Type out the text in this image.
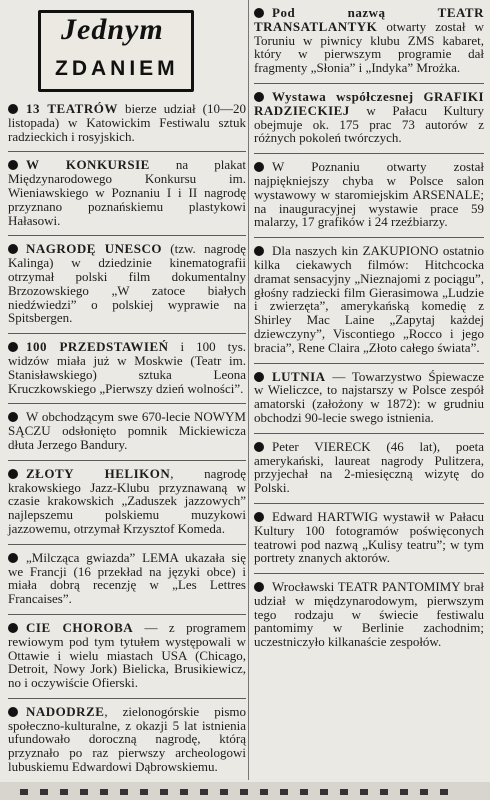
Jednym
ZDANIEM

13 TEATRÓW bierze udział (10—20 listopada) w Katowickim Festiwalu sztuk radzieckich i rosyjskich.

W KONKURSIE na plakat Międzynarodowego Konkursu im. Wieniawskiego w Poznaniu I i II nagrodę przyznano poznańskiemu plastykowi Hałasowi.

NAGRODĘ UNESCO (tzw. nagrodę Kalinga) w dziedzinie kinematografii otrzymał polski film dokumentalny Brzozowskiego „W zatoce białych niedźwiedzi” o polskiej wyprawie na Spitsbergen.

100 PRZEDSTAWIEŃ i 100 tys. widzów miała już w Moskwie (Teatr im. Stanisławskiego) sztuka Leona Kruczkowskiego „Pierwszy dzień wolności”.

W obchodzącym swe 670-lecie NOWYM SĄCZU odsłonięto pomnik Mickiewicza dłuta Jerzego Bandury.

ZŁOTY HELIKON, nagrodę krakowskiego Jazz-Klubu przyznawaną w czasie krakowskich „Zaduszek jazzowych” najlepszemu polskiemu muzykowi jazzowemu, otrzymał Krzysztof Komeda.

„Milcząca gwiazda” LEMA ukazała się we Francji (16 przekład na języki obce) i miała dobrą recenzję w „Les Lettres Francaises”.

CIE CHOROBA — z programem rewiowym pod tym tytułem występowali w Ottawie i wielu miastach USA (Chicago, Detroit, Nowy Jork) Bielicka, Brusikiewicz, no i oczywiście Ofierski.

NADODRZE, zielonogórskie pismo społeczno-kulturalne, z okazji 5 lat istnienia ufundowało doroczną nagrodę, którą przyznało po raz pierwszy archeologowi lubuskiemu Edwardowi Dąbrowskiemu.

Pod nazwą TEATR TRANSATLANTYK otwarty został w Toruniu w piwnicy klubu ZMS kabaret, który w pierwszym programie dał fragmenty „Słonia” i „Indyka” Mrożka.

Wystawa współczesnej GRAFIKI RADZIECKIEJ w Pałacu Kultury obejmuje ok. 175 prac 73 autorów z różnych pokoleń twórczych.

W Poznaniu otwarty został najpiękniejszy chyba w Polsce salon wystawowy w staromiejskim ARSENALE; na inauguracyjnej wystawie prace 59 malarzy, 17 grafików i 24 rzeźbiarzy.

Dla naszych kin ZAKUPIONO ostatnio kilka ciekawych filmów: Hitchcocka dramat sensacyjny „Nieznajomi z pociągu”, głośny radziecki film Gierasimowa „Ludzie i zwierzęta”, amerykańską komedię z Shirley Mac Laine „Zapytaj każdej dziewczyny”, Viscontiego „Rocco i jego bracia”, Rene Claira „Złoto całego świata”.

LUTNIA — Towarzystwo Śpiewacze w Wieliczce, to najstarszy w Polsce zespół amatorski (założony w 1872): w grudniu obchodzi 90-lecie swego istnienia.

Peter VIERECK (46 lat), poeta amerykański, laureat nagrody Pulitzera, przyjechał na 2-miesięczną wizytę do Polski.

Edward HARTWIG wystawił w Pałacu Kultury 100 fotogramów poświęconych teatrowi pod nazwą „Kulisy teatru”; w tym portrety znanych aktorów.

Wrocławski TEATR PANTOMIMY brał udział w międzynarodowym, pierwszym tego rodzaju w świecie festiwalu pantomimy w Berlinie zachodnim; uczestniczyło kilkanaście zespołów.
